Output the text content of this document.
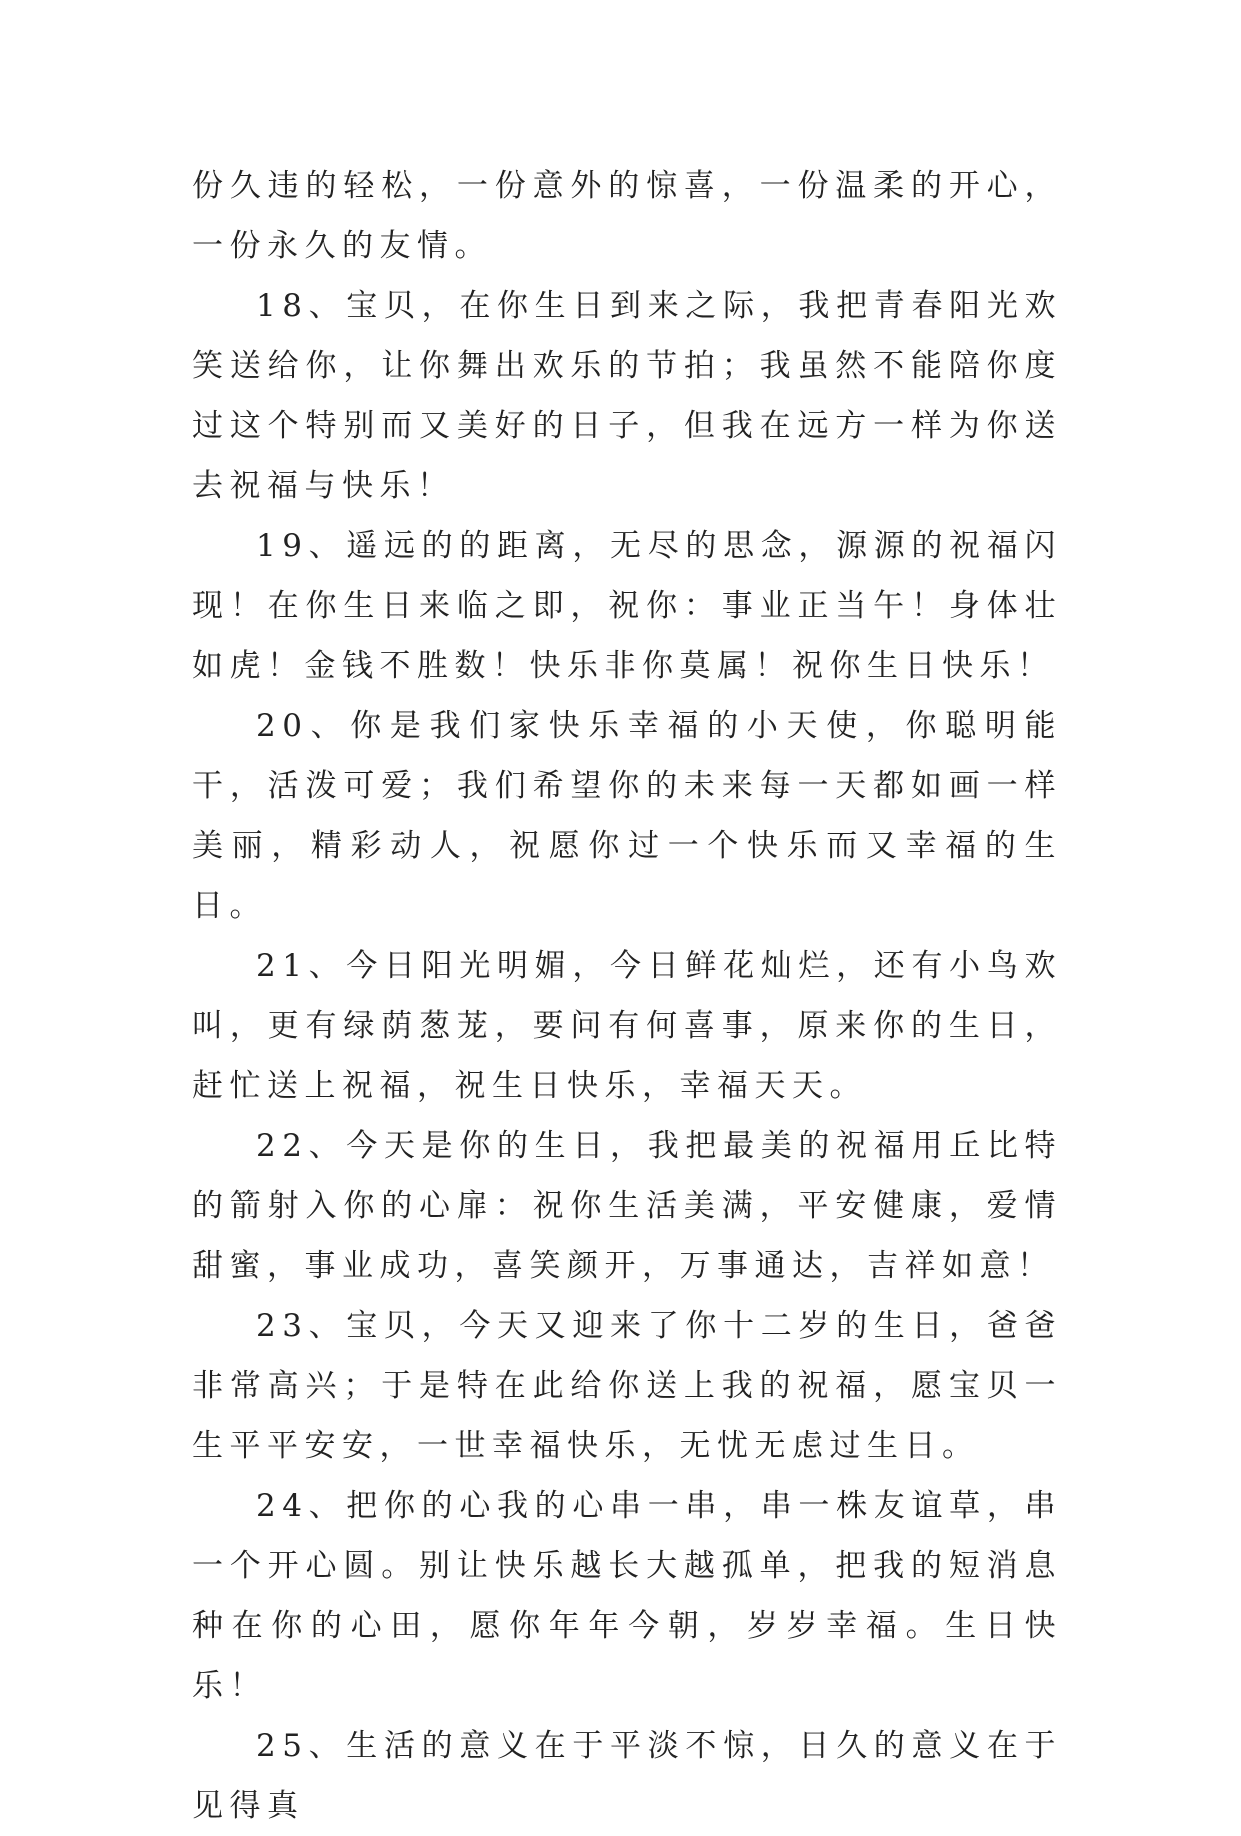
份久违的轻松，一份意外的惊喜，一份温柔的开心，一份永久的友情。

18、宝贝，在你生日到来之际，我把青春阳光欢笑送给你，让你舞出欢乐的节拍；我虽然不能陪你度过这个特别而又美好的日子，但我在远方一样为你送去祝福与快乐！

19、遥远的的距离，无尽的思念，源源的祝福闪现！在你生日来临之即，祝你：事业正当午！身体壮如虎！金钱不胜数！快乐非你莫属！祝你生日快乐！

20、你是我们家快乐幸福的小天使，你聪明能干，活泼可爱；我们希望你的未来每一天都如画一样美丽，精彩动人，祝愿你过一个快乐而又幸福的生日。

21、今日阳光明媚，今日鲜花灿烂，还有小鸟欢叫，更有绿荫葱茏，要问有何喜事，原来你的生日，赶忙送上祝福，祝生日快乐，幸福天天。

22、今天是你的生日，我把最美的祝福用丘比特的箭射入你的心扉：祝你生活美满，平安健康，爱情甜蜜，事业成功，喜笑颜开，万事通达，吉祥如意！

23、宝贝，今天又迎来了你十二岁的生日，爸爸非常高兴；于是特在此给你送上我的祝福，愿宝贝一生平平安安，一世幸福快乐，无忧无虑过生日。

24、把你的心我的心串一串，串一株友谊草，串一个开心圆。别让快乐越长大越孤单，把我的短消息种在你的心田，愿你年年今朝，岁岁幸福。生日快乐！

25、生活的意义在于平淡不惊，日久的意义在于见得真
